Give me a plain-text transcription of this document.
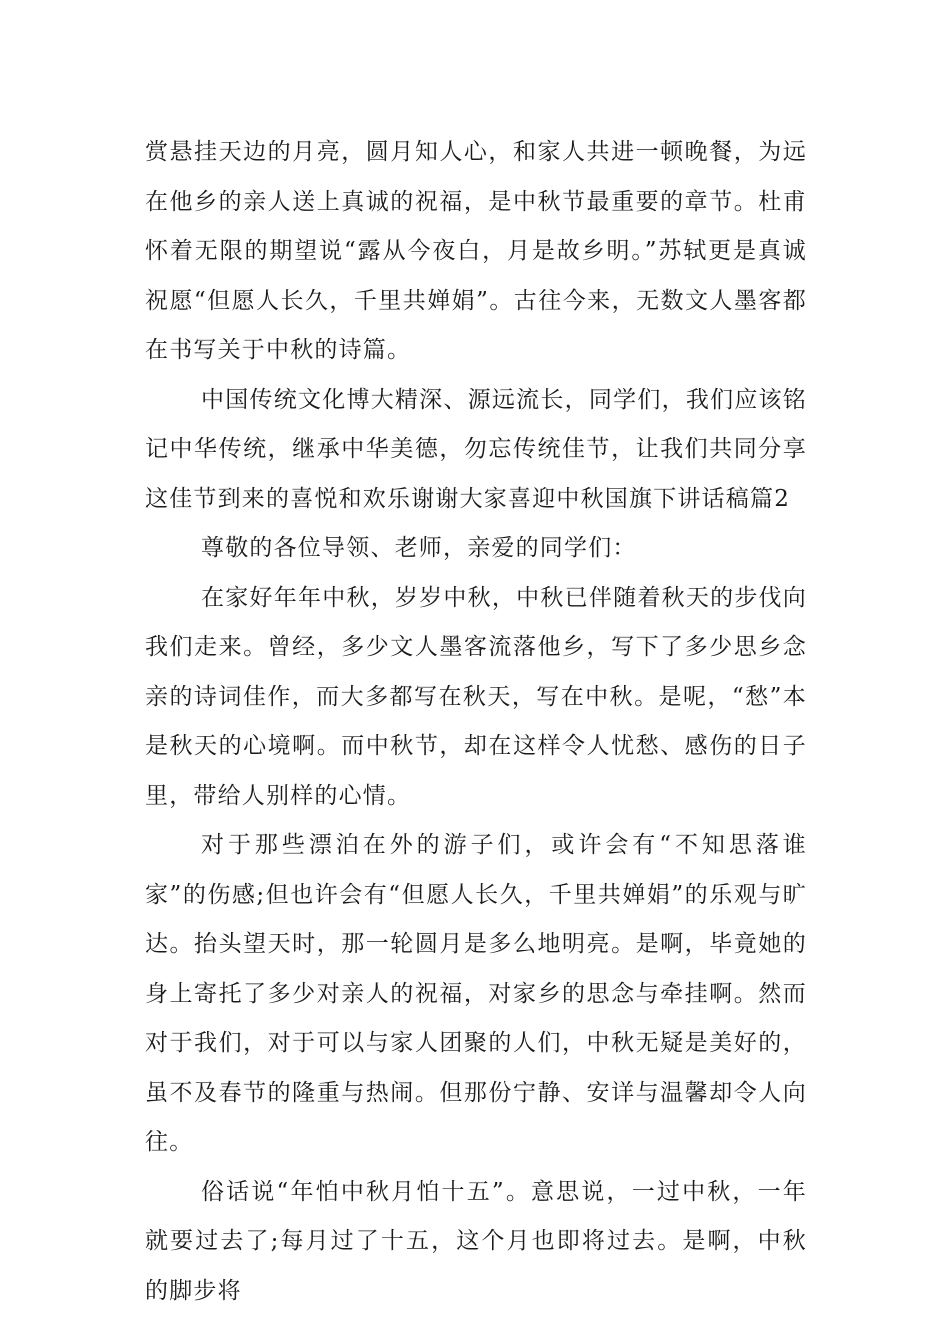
赏悬挂天边的月亮，圆月知人心，和家人共进一顿晚餐，为远在他乡的亲人送上真诚的祝福，是中秋节最重要的章节。杜甫怀着无限的期望说“露从今夜白，月是故乡明。”苏轼更是真诚祝愿“但愿人长久，千里共婵娟”。古往今来，无数文人墨客都在书写关于中秋的诗篇。

中国传统文化博大精深、源远流长，同学们，我们应该铭记中华传统，继承中华美德，勿忘传统佳节，让我们共同分享这佳节到来的喜悦和欢乐谢谢大家喜迎中秋国旗下讲话稿篇2

尊敬的各位导领、老师，亲爱的同学们：

在家好年年中秋，岁岁中秋，中秋已伴随着秋天的步伐向我们走来。曾经，多少文人墨客流落他乡，写下了多少思乡念亲的诗词佳作，而大多都写在秋天，写在中秋。是呢，“愁”本是秋天的心境啊。而中秋节，却在这样令人忧愁、感伤的日子里，带给人别样的心情。

对于那些漂泊在外的游子们，或许会有“不知思落谁家”的伤感;但也许会有“但愿人长久，千里共婵娟”的乐观与旷达。抬头望天时，那一轮圆月是多么地明亮。是啊，毕竟她的身上寄托了多少对亲人的祝福，对家乡的思念与牵挂啊。然而对于我们，对于可以与家人团聚的人们，中秋无疑是美好的，虽不及春节的隆重与热闹。但那份宁静、安详与温馨却令人向往。

俗话说“年怕中秋月怕十五”。意思说，一过中秋，一年就要过去了;每月过了十五，这个月也即将过去。是啊，中秋的脚步将
